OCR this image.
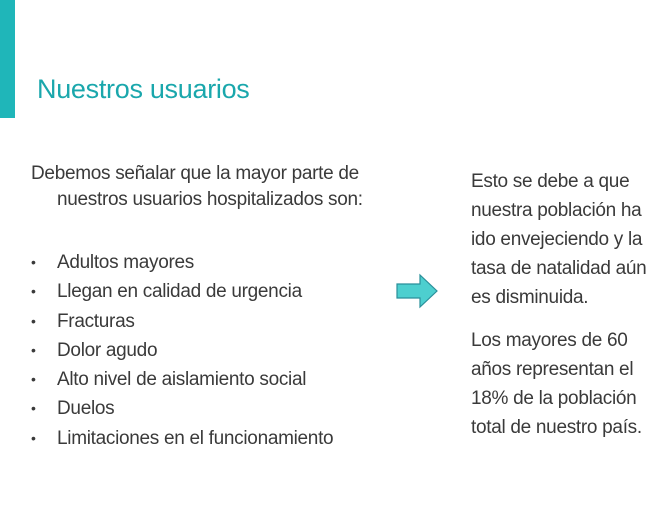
Nuestros usuarios
Debemos señalar que la mayor parte de
nuestros usuarios hospitalizados son:
•	Adultos mayores
•	Llegan en calidad de urgencia
•	Fracturas
•	Dolor agudo
•	Alto nivel de aislamiento social
•	Duelos
•	Limitaciones en el funcionamiento

Esto se debe a que
nuestra población ha
ido envejeciendo y la
tasa de natalidad aún
es disminuida.

Los mayores de 60
años representan el
18% de la población
total de nuestro país.
